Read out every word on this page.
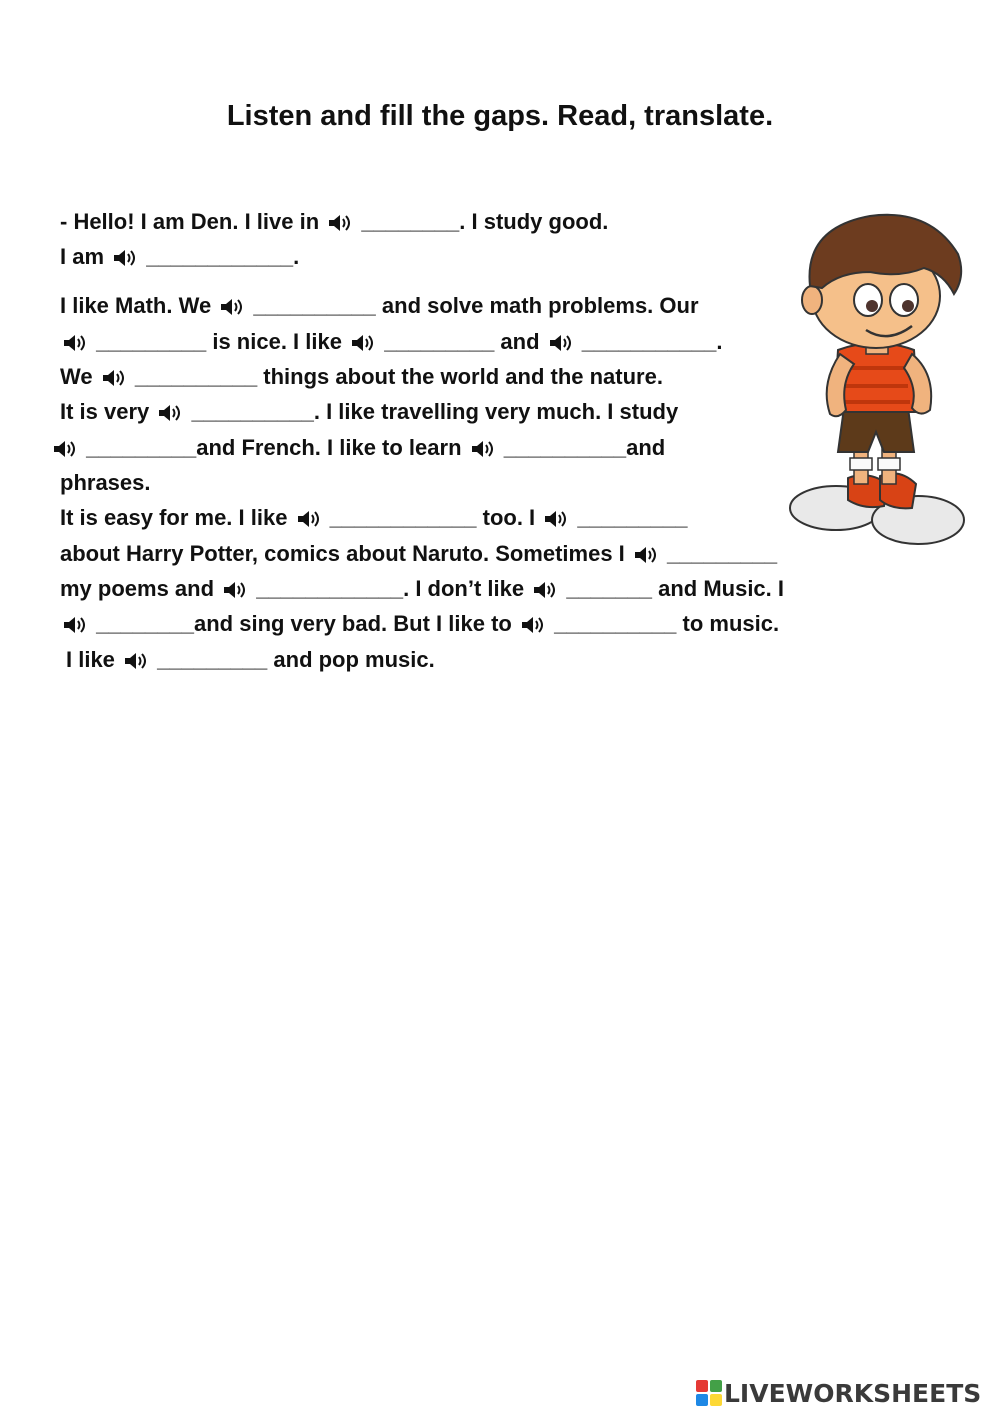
Listen and fill the gaps. Read, translate.
- Hello! I am Den. I live in
________. I study good.
I am
____________.
I like Math. We
__________ and solve math problems. Our
_________ is nice. I like
_________ and
___________.
We
__________ things about the world and the nature.
It is very
__________. I like travelling very much. I study
_________and French. I like to learn
__________and
phrases.
It is easy for me. I like
____________ too. I
_________
about Harry Potter, comics about Naruto. Sometimes I
_________
my poems and
____________. I don’t like
_______ and Music. I
________and sing very bad. But I like to
__________ to music.
I like
_________ and pop music.
LIVEWORKSHEETS
